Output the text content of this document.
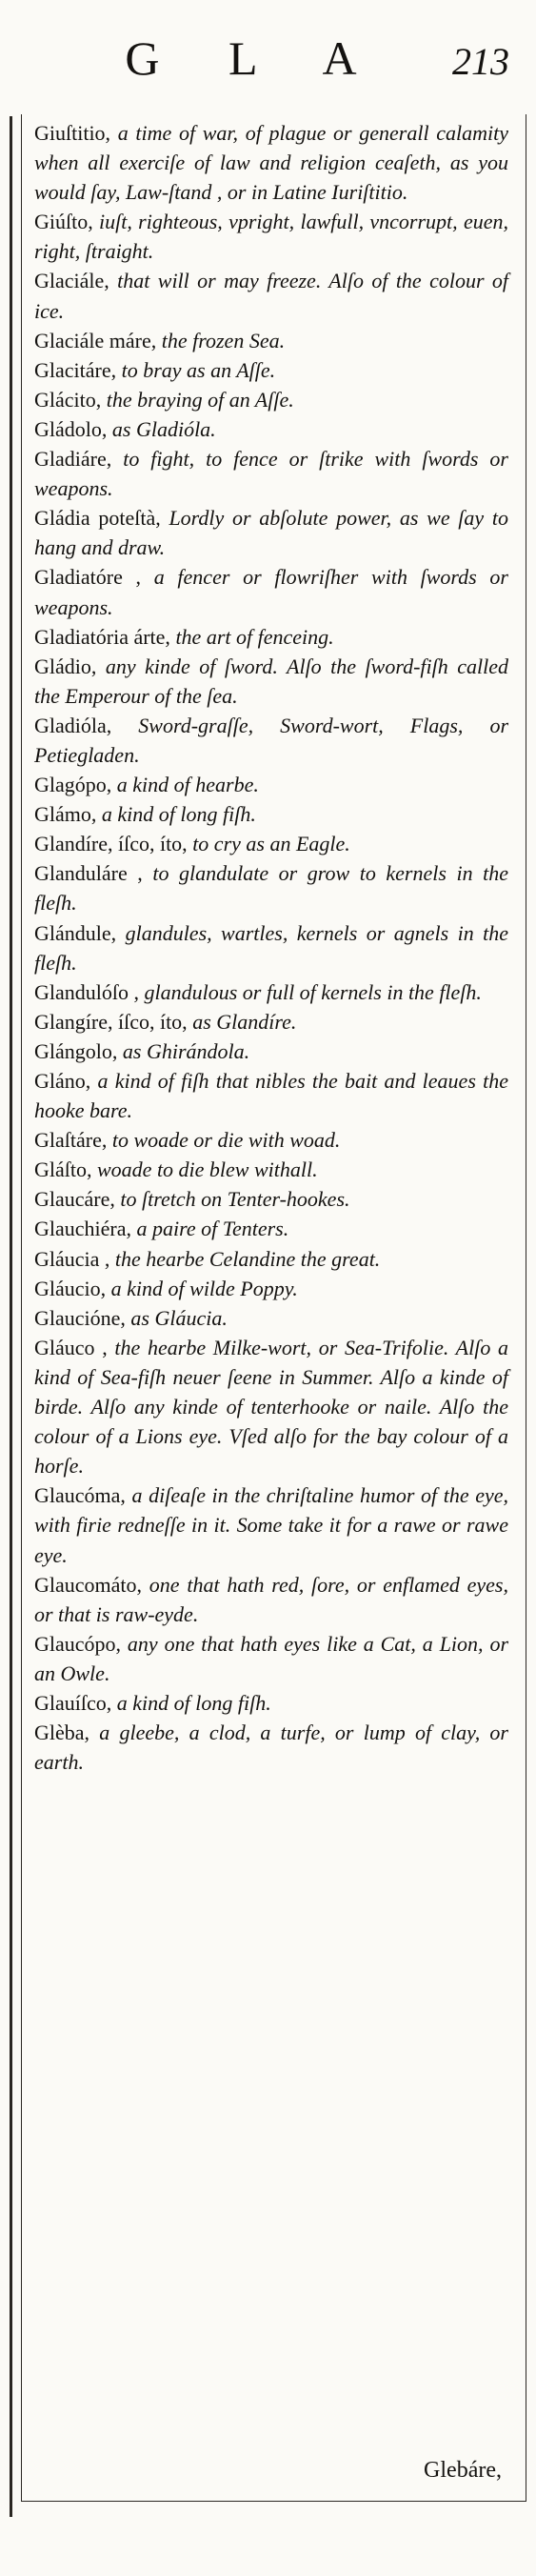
G L A	213

Giuſtitio, a time of war, of plague or generall calamity when all exerciſe of law and religion ceaſeth, as you would ſay, Law-ſtand , or in Latine Iuriſtitio.

Giúſto, iuſt, righteous, vpright, lawfull, vncorrupt, euen, right, ſtraight.

Glaciále, that will or may freeze. Alſo of the colour of ice.

Glaciále máre, the frozen Sea.

Glacitáre, to bray as an Aſſe.

Glácito, the braying of an Aſſe.

Gládolo, as Gladióla.

Gladiáre, to fight, to fence or ſtrike with ſwords or weapons.

Gládia poteſtà, Lordly or abſolute power, as we ſay to hang and draw.

Gladiatóre , a fencer or flowriſher with ſwords or weapons.

Gladiatória árte, the art of fenceing.

Gládio, any kinde of ſword. Alſo the ſword-fiſh called the Emperour of the ſea.

Gladióla, Sword-graſſe, Sword-wort, Flags, or Petiegladen.

Glagópo, a kind of hearbe.

Glámo, a kind of long fiſh.

Glandíre, íſco, íto, to cry as an Eagle.

Glanduláre , to glandulate or grow to kernels in the fleſh.

Glándule, glandules, wartles, kernels or agnels in the fleſh.

Glandulóſo , glandulous or full of kernels in the fleſh.

Glangíre, íſco, íto, as Glandíre.

Glángolo, as Ghirándola.

Gláno, a kind of fiſh that nibles the bait and leaues the hooke bare.

Glaſtáre, to woade or die with woad.

Gláſto, woade to die blew withall.

Glaucáre, to ſtretch on Tenter-hookes.

Glauchiéra, a paire of Tenters.

Gláucia , the hearbe Celandine the great.

Gláucio, a kind of wilde Poppy.

Glaucióne, as Gláucia.

Gláuco , the hearbe Milke-wort, or Sea-Trifolie. Alſo a kind of Sea-fiſh neuer ſeene in Summer. Alſo a kinde of birde. Alſo any kinde of tenterhooke or naile. Alſo the colour of a Lions eye. Vſed alſo for the bay colour of a horſe.

Glaucóma, a diſeaſe in the chriſtaline humor of the eye, with firie redneſſe in it. Some take it for a rawe or rawe eye.

Glaucomáto, one that hath red, ſore, or enflamed eyes, or that is raw-eyde.

Glaucópo, any one that hath eyes like a Cat, a Lion, or an Owle.

Glauíſco, a kind of long fiſh.

Glèba, a gleebe, a clod, a turfe, or lump of clay, or earth.

Glebáre,
